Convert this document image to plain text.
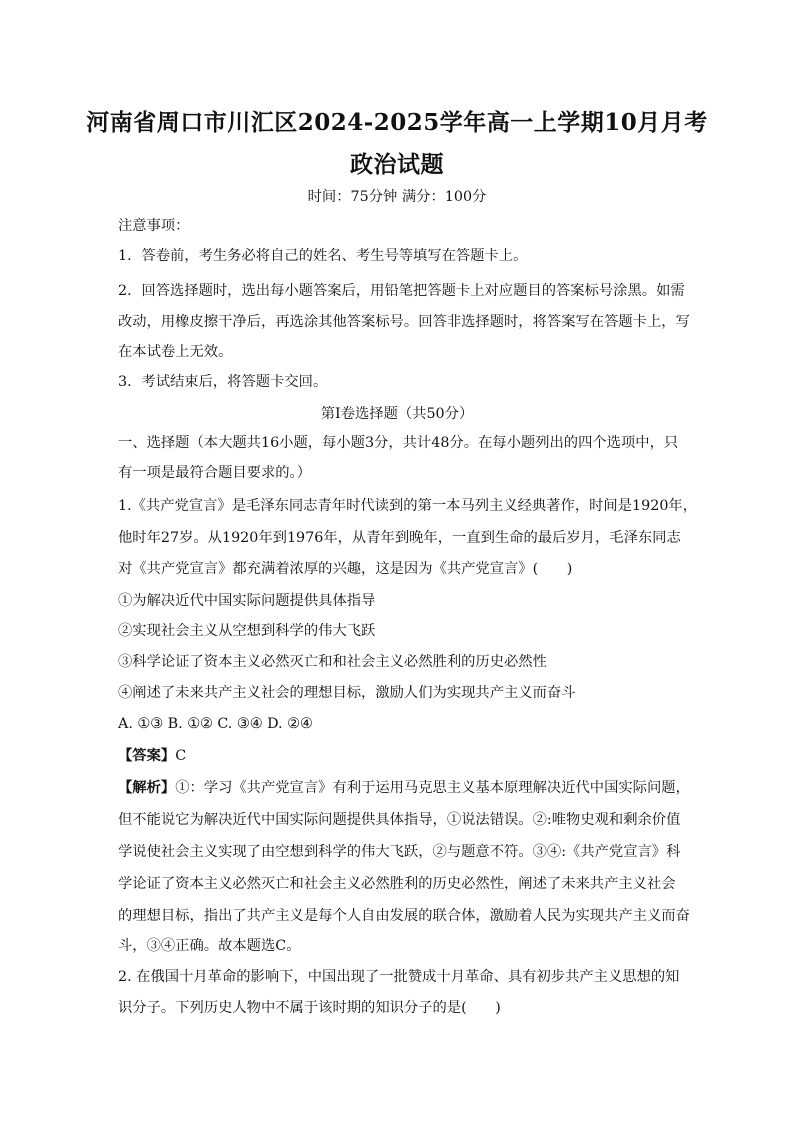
河南省周口市川汇区2024-2025学年高一上学期10月月考
政治试题
时间：75分钟 满分：100分
注意事项：
1．答卷前，考生务必将自己的姓名、考生号等填写在答题卡上。
2．回答选择题时，选出每小题答案后，用铅笔把答题卡上对应题目的答案标号涂黑。如需
改动，用橡皮擦干净后，再选涂其他答案标号。回答非选择题时，将答案写在答题卡上，写
在本试卷上无效。
3．考试结束后，将答题卡交回。
第Ⅰ卷选择题（共50分）
一、选择题（本大题共16小题，每小题3分，共计48分。在每小题列出的四个选项中，只
有一项是最符合题目要求的。）
1.《共产党宣言》是毛泽东同志青年时代读到的第一本马列主义经典著作，时间是1920年，
他时年27岁。从1920年到1976年，从青年到晚年，一直到生命的最后岁月，毛泽东同志
对《共产党宣言》都充满着浓厚的兴趣，这是因为《共产党宣言》(　　)
①为解决近代中国实际问题提供具体指导
②实现社会主义从空想到科学的伟大飞跃
③科学论证了资本主义必然灭亡和和社会主义必然胜利的历史必然性
④阐述了未来共产主义社会的理想目标，激励人们为实现共产主义而奋斗
A. ①③ B. ①② C. ③④ D. ②④
【答案】C
【解析】①：学习《共产党宣言》有利于运用马克思主义基本原理解决近代中国实际问题，
但不能说它为解决近代中国实际问题提供具体指导，①说法错误。②:唯物史观和剩余价值
学说使社会主义实现了由空想到科学的伟大飞跃，②与题意不符。③④:《共产党宣言》科
学论证了资本主义必然灭亡和社会主义必然胜利的历史必然性，阐述了未来共产主义社会
的理想目标，指出了共产主义是每个人自由发展的联合体，激励着人民为实现共产主义而奋
斗，③④正确。故本题选C。
2. 在俄国十月革命的影响下，中国出现了一批赞成十月革命、具有初步共产主义思想的知
识分子。下列历史人物中不属于该时期的知识分子的是(　　)
